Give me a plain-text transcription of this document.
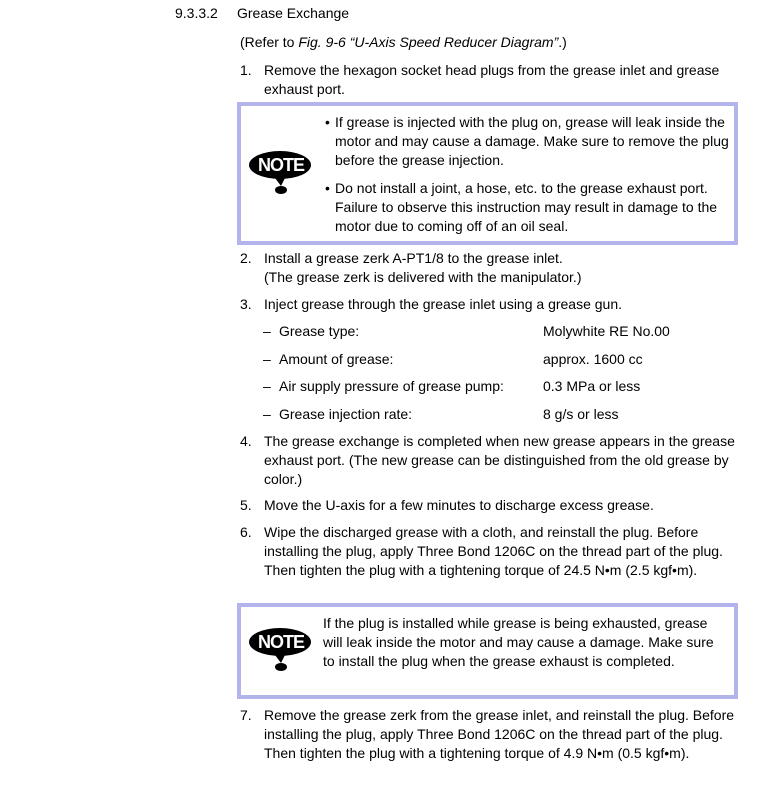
9.3.3.2 Grease Exchange
(Refer to Fig. 9-6 “U-Axis Speed Reducer Diagram”.)
1. Remove the hexagon socket head plugs from the grease inlet and grease exhaust port.
NOTE
• If grease is injected with the plug on, grease will leak inside the motor and may cause a damage. Make sure to remove the plug before the grease injection.
• Do not install a joint, a hose, etc. to the grease exhaust port. Failure to observe this instruction may result in damage to the motor due to coming off of an oil seal.
2. Install a grease zerk A-PT1/8 to the grease inlet.
(The grease zerk is delivered with the manipulator.)
3. Inject grease through the grease inlet using a grease gun.
– Grease type:	Molywhite RE No.00
– Amount of grease:	approx. 1600 cc
– Air supply pressure of grease pump:	0.3 MPa or less
– Grease injection rate:	8 g/s or less
4. The grease exchange is completed when new grease appears in the grease exhaust port. (The new grease can be distinguished from the old grease by color.)
5. Move the U-axis for a few minutes to discharge excess grease.
6. Wipe the discharged grease with a cloth, and reinstall the plug. Before installing the plug, apply Three Bond 1206C on the thread part of the plug. Then tighten the plug with a tightening torque of 24.5 N•m (2.5 kgf•m).
NOTE
If the plug is installed while grease is being exhausted, grease will leak inside the motor and may cause a damage. Make sure to install the plug when the grease exhaust is completed.
7. Remove the grease zerk from the grease inlet, and reinstall the plug. Before installing the plug, apply Three Bond 1206C on the thread part of the plug. Then tighten the plug with a tightening torque of 4.9 N•m (0.5 kgf•m).
